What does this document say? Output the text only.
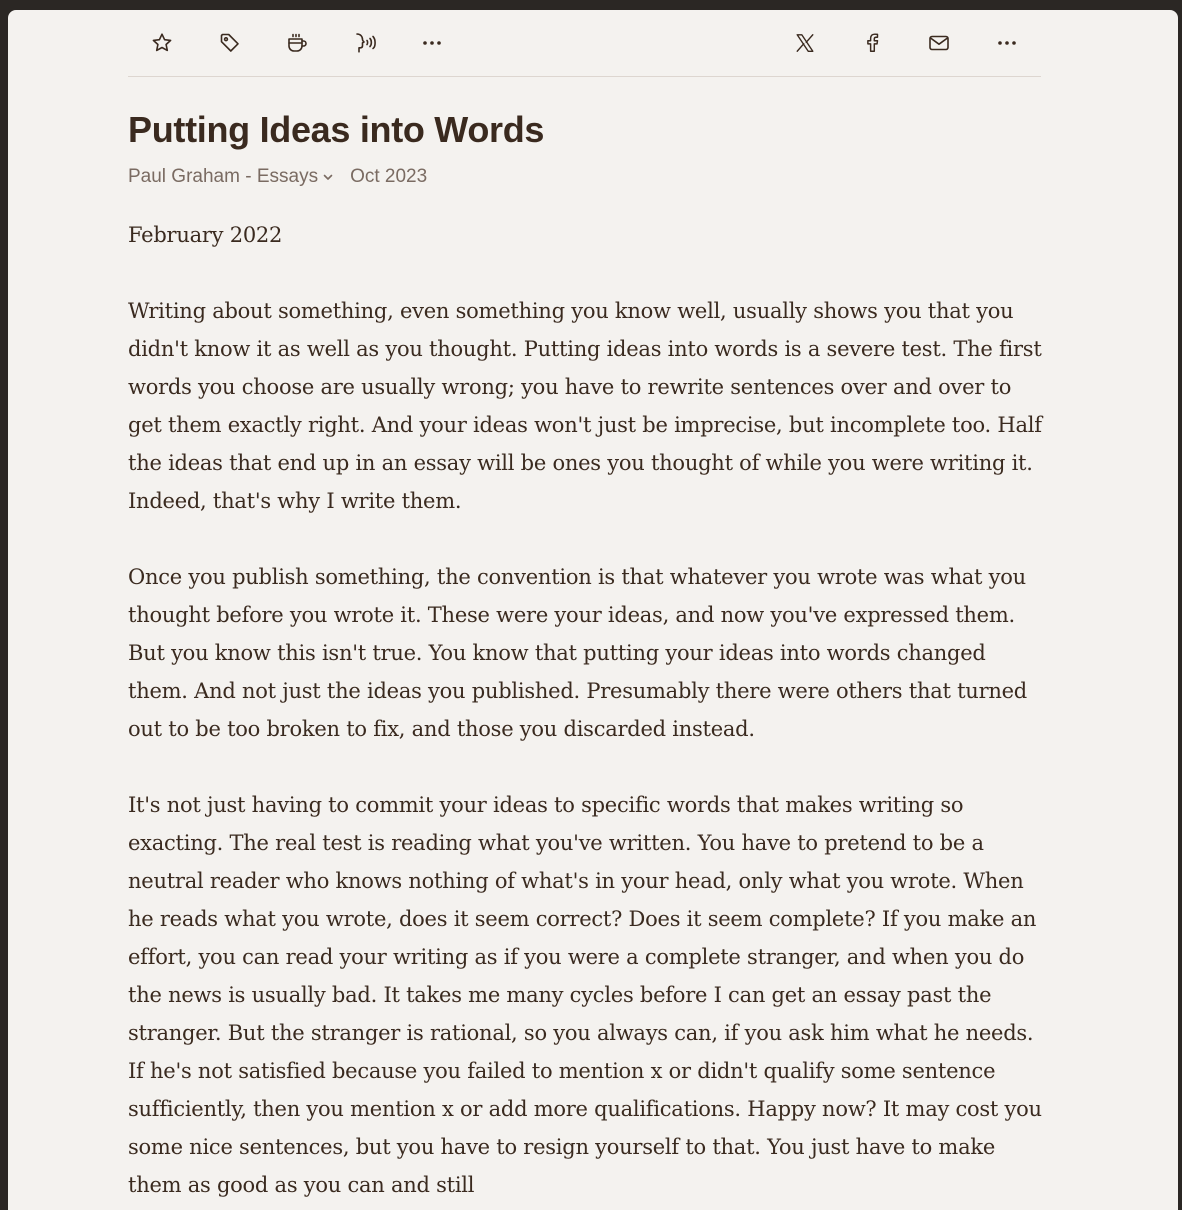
Putting Ideas into Words
Paul Graham - Essays Oct 2023

February 2022

Writing about something, even something you know well, usually shows you that you didn't know it as well as you thought. Putting ideas into words is a severe test. The first words you choose are usually wrong; you have to rewrite sentences over and over to get them exactly right. And your ideas won't just be imprecise, but incomplete too. Half the ideas that end up in an essay will be ones you thought of while you were writing it. Indeed, that's why I write them.

Once you publish something, the convention is that whatever you wrote was what you thought before you wrote it. These were your ideas, and now you've expressed them. But you know this isn't true. You know that putting your ideas into words changed them. And not just the ideas you published. Presumably there were others that turned out to be too broken to fix, and those you discarded instead.

It's not just having to commit your ideas to specific words that makes writing so exacting. The real test is reading what you've written. You have to pretend to be a neutral reader who knows nothing of what's in your head, only what you wrote. When he reads what you wrote, does it seem correct? Does it seem complete? If you make an effort, you can read your writing as if you were a complete stranger, and when you do the news is usually bad. It takes me many cycles before I can get an essay past the stranger. But the stranger is rational, so you always can, if you ask him what he needs. If he's not satisfied because you failed to mention x or didn't qualify some sentence sufficiently, then you mention x or add more qualifications. Happy now? It may cost you some nice sentences, but you have to resign yourself to that. You just have to make them as good as you can and still
